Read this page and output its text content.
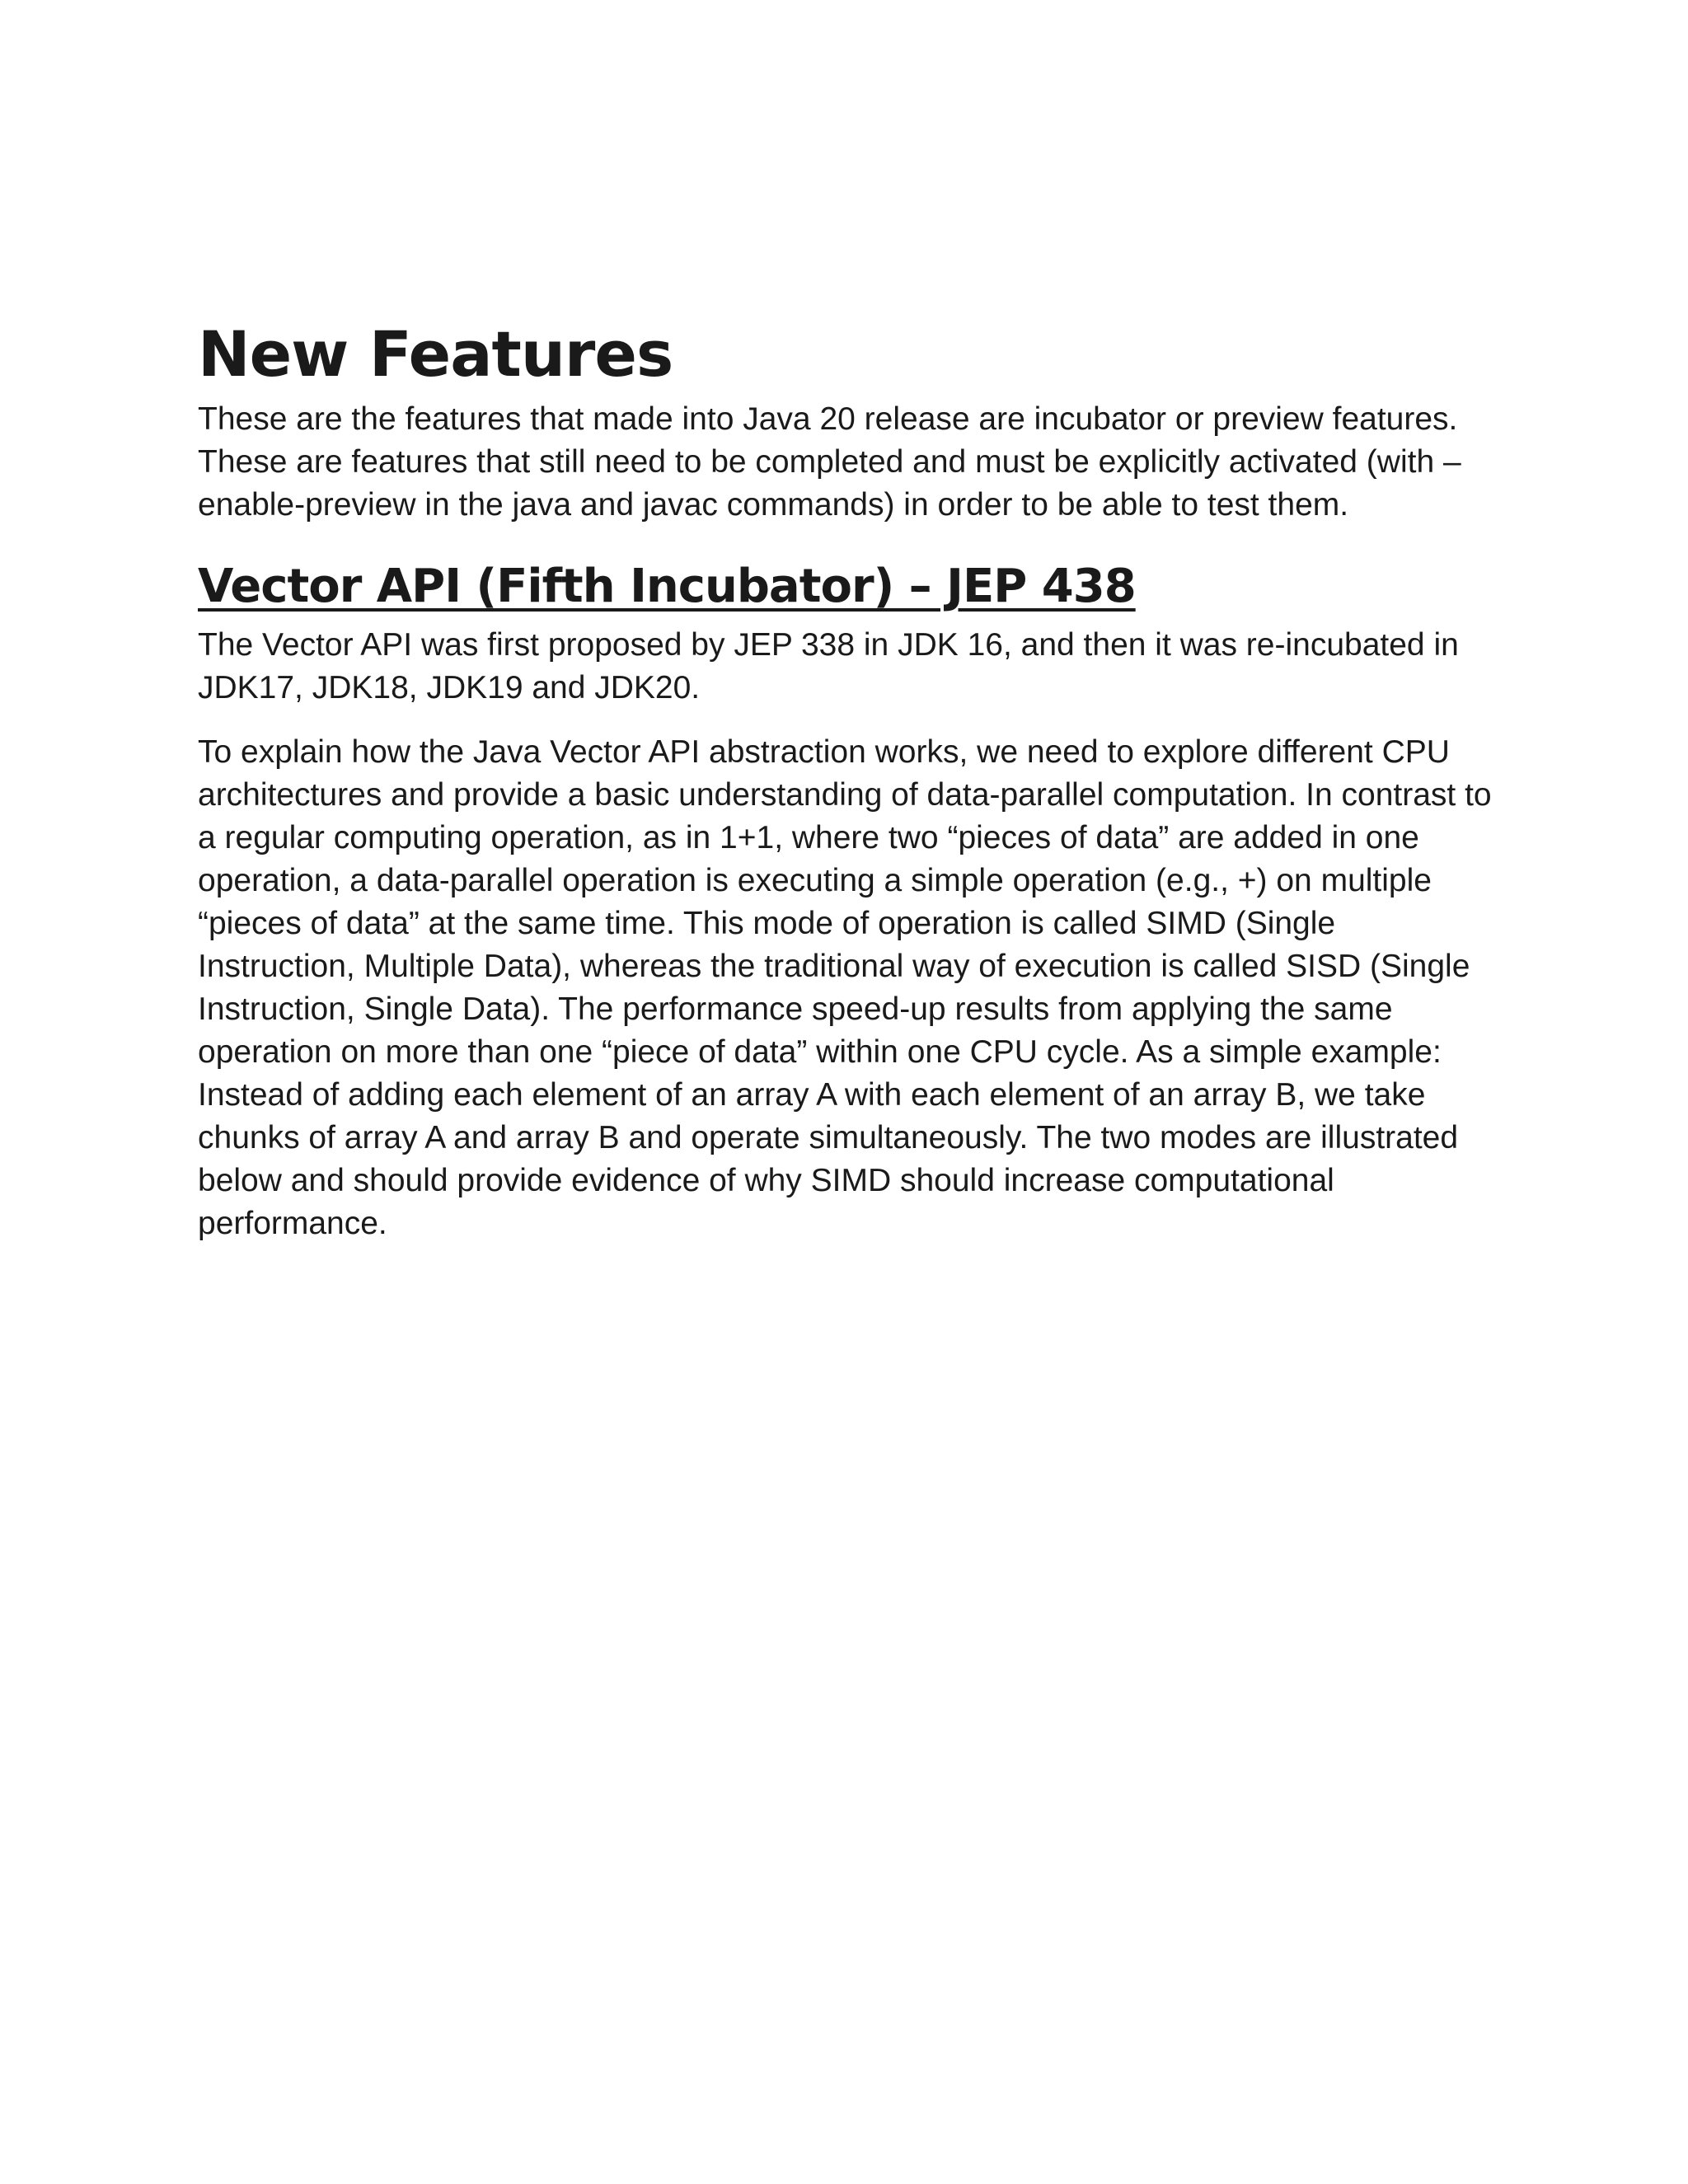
New Features

These are the features that made into Java 20 release are incubator or preview features. These are features that still need to be completed and must be explicitly activated (with –enable-preview in the java and javac commands) in order to be able to test them.

Vector API (Fifth Incubator) – JEP 438

The Vector API was first proposed by JEP 338 in JDK 16, and then it was re-incubated in JDK17, JDK18, JDK19 and JDK20.

To explain how the Java Vector API abstraction works, we need to explore different CPU architectures and provide a basic understanding of data-parallel computation. In contrast to a regular computing operation, as in 1+1, where two “pieces of data” are added in one operation, a data-parallel operation is executing a simple operation (e.g., +) on multiple “pieces of data” at the same time. This mode of operation is called SIMD (Single Instruction, Multiple Data), whereas the traditional way of execution is called SISD (Single Instruction, Single Data). The performance speed-up results from applying the same operation on more than one “piece of data” within one CPU cycle. As a simple example: Instead of adding each element of an array A with each element of an array B, we take chunks of array A and array B and operate simultaneously. The two modes are illustrated below and should provide evidence of why SIMD should increase computational performance.
